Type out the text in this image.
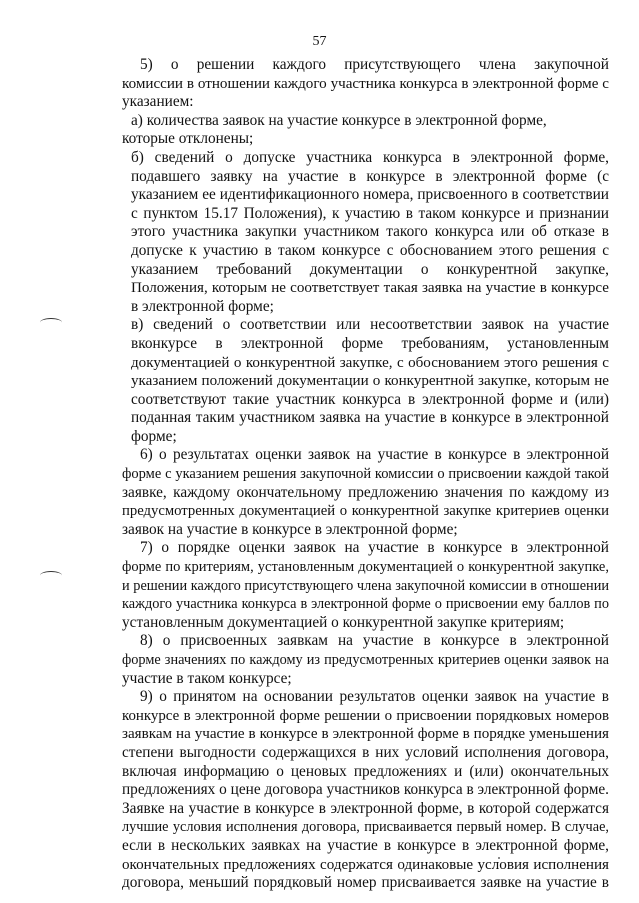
57
5) о решении каждого присутствующего члена закупочной
комиссии в отношении каждого участника конкурса в электронной форме с
указанием:
а) количества заявок на участие конкурсе в электронной форме,
которые отклонены;
б) сведений о допуске участника конкурса в электронной форме,
подавшего заявку на участие в конкурсе в электронной форме (с
указанием ее идентификационного номера, присвоенного в соответствии
с пунктом 15.17 Положения), к участию в таком конкурсе и признании
этого участника закупки участником такого конкурса или об отказе в
допуске к участию в таком конкурсе с обоснованием этого решения с
указанием требований документации о конкурентной закупке,
Положения, которым не соответствует такая заявка на участие в конкурсе
в электронной форме;
в) сведений о соответствии или несоответствии заявок на участие
вконкурсе в электронной форме требованиям, установленным
документацией о конкурентной закупке, с обоснованием этого решения с
указанием положений документации о конкурентной закупке, которым не
соответствуют такие участник конкурса в электронной форме и (или)
поданная таким участником заявка на участие в конкурсе в электронной
форме;
6) о результатах оценки заявок на участие в конкурсе в электронной
форме с указанием решения закупочной комиссии о присвоении каждой такой
заявке, каждому окончательному предложению значения по каждому из
предусмотренных документацией о конкурентной закупке критериев оценки
заявок на участие в конкурсе в электронной форме;
7) о порядке оценки заявок на участие в конкурсе в электронной
форме по критериям, установленным документацией о конкурентной закупке,
и решении каждого присутствующего члена закупочной комиссии в отношении
каждого участника конкурса в электронной форме о присвоении ему баллов по
установленным документацией о конкурентной закупке критериям;
8) о присвоенных заявкам на участие в конкурсе в электронной
форме значениях по каждому из предусмотренных критериев оценки заявок на
участие в таком конкурсе;
9) о принятом на основании результатов оценки заявок на участие в
конкурсе в электронной форме решении о присвоении порядковых номеров
заявкам на участие в конкурсе в электронной форме в порядке уменьшения
степени выгодности содержащихся в них условий исполнения договора,
включая информацию о ценовых предложениях и (или) окончательных
предложениях о цене договора участников конкурса в электронной форме.
Заявке на участие в конкурсе в электронной форме, в которой содержатся
лучшие условия исполнения договора, присваивается первый номер. В случае,
если в нескольких заявках на участие в конкурсе в электронной форме,
окончательных предложениях содержатся одинаковые условия исполнения
договора, меньший порядковый номер присваивается заявке на участие в
